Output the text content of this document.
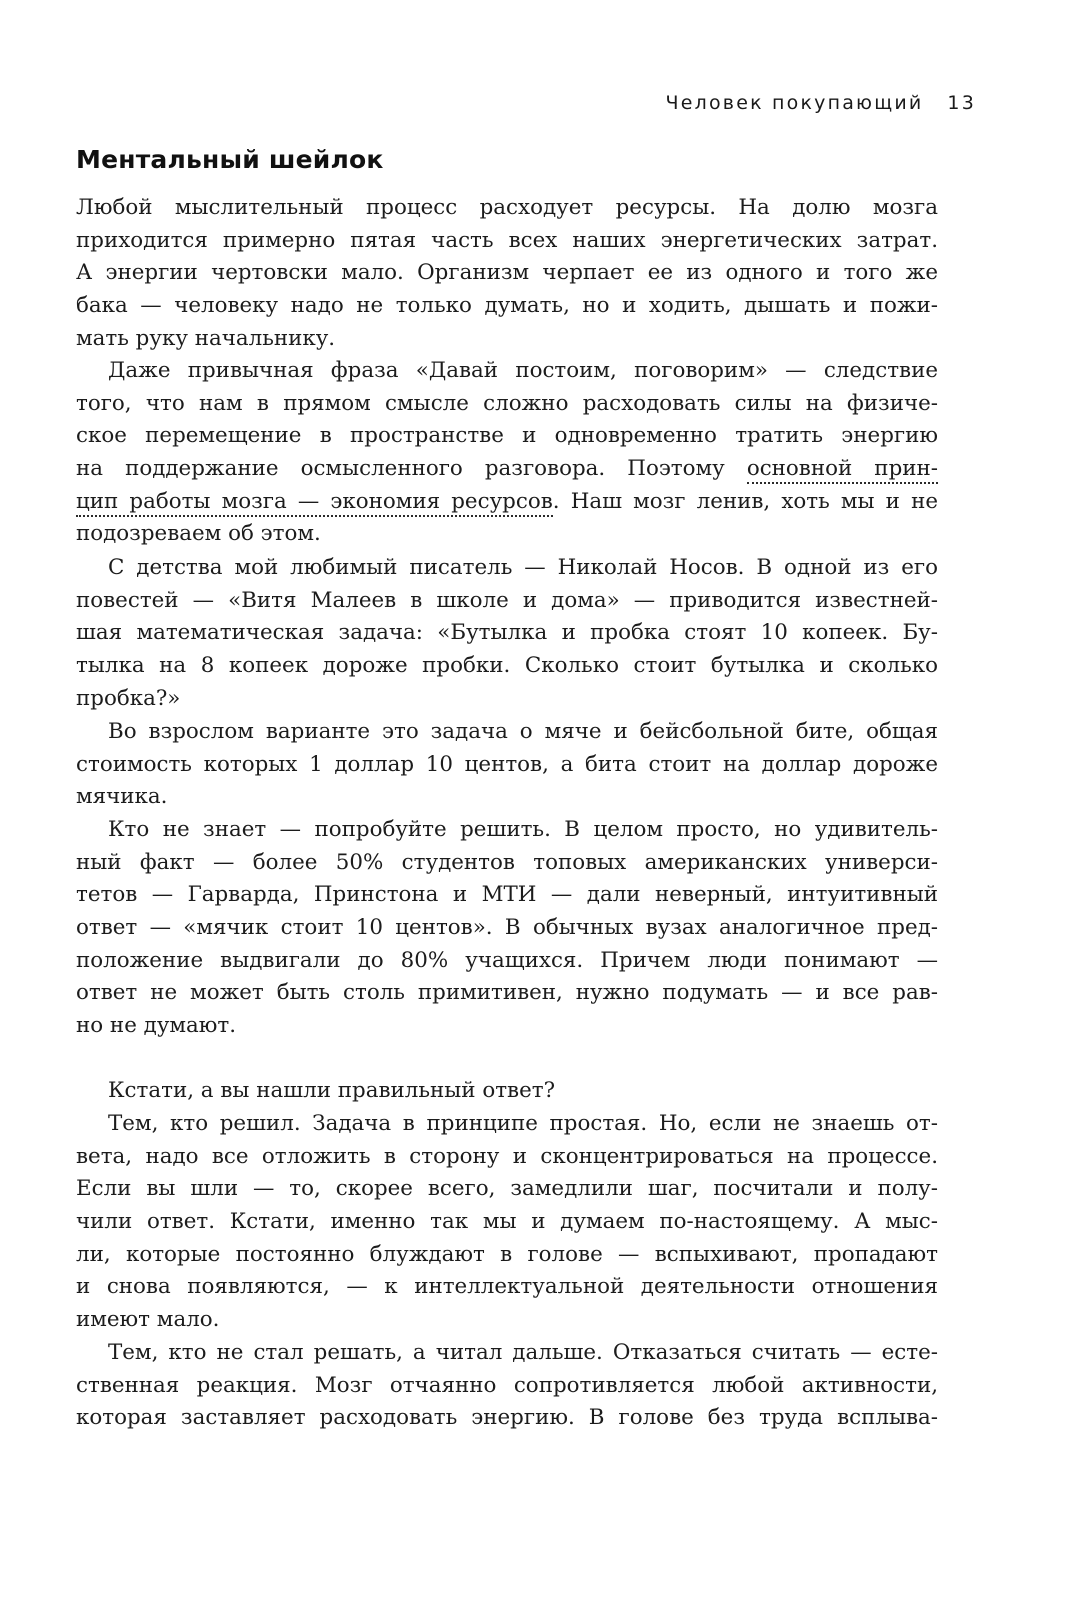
Человек покупающий 13
Ментальный шейлок
Любой мыслительный процесс расходует ресурсы. На долю мозга
приходится примерно пятая часть всех наших энергетических затрат.
А энергии чертовски мало. Организм черпает ее из одного и того же
бака — человеку надо не только думать, но и ходить, дышать и пожи-
мать руку начальнику.
Даже привычная фраза «Давай постоим, поговорим» — следствие
того, что нам в прямом смысле сложно расходовать силы на физиче-
ское перемещение в пространстве и одновременно тратить энергию
на поддержание осмысленного разговора. Поэтому основной прин-
цип работы мозга — экономия ресурсов. Наш мозг ленив, хоть мы и не
подозреваем об этом.
С детства мой любимый писатель — Николай Носов. В одной из его
повестей — «Витя Малеев в школе и дома» — приводится известней-
шая математическая задача: «Бутылка и пробка стоят 10 копеек. Бу-
тылка на 8 копеек дороже пробки. Сколько стоит бутылка и сколько
пробка?»
Во взрослом варианте это задача о мяче и бейсбольной бите, общая
стоимость которых 1 доллар 10 центов, а бита стоит на доллар дороже
мячика.
Кто не знает — попробуйте решить. В целом просто, но удивитель-
ный факт — более 50% студентов топовых американских универси-
тетов — Гарварда, Принстона и МТИ — дали неверный, интуитивный
ответ — «мячик стоит 10 центов». В обычных вузах аналогичное пред-
положение выдвигали до 80% учащихся. Причем люди понимают —
ответ не может быть столь примитивен, нужно подумать — и все рав-
но не думают.
Кстати, а вы нашли правильный ответ?
Тем, кто решил. Задача в принципе простая. Но, если не знаешь от-
вета, надо все отложить в сторону и сконцентрироваться на процессе.
Если вы шли — то, скорее всего, замедлили шаг, посчитали и полу-
чили ответ. Кстати, именно так мы и думаем по-настоящему. А мыс-
ли, которые постоянно блуждают в голове — вспыхивают, пропадают
и снова появляются, — к интеллектуальной деятельности отношения
имеют мало.
Тем, кто не стал решать, а читал дальше. Отказаться считать — есте-
ственная реакция. Мозг отчаянно сопротивляется любой активности,
которая заставляет расходовать энергию. В голове без труда всплыва-
